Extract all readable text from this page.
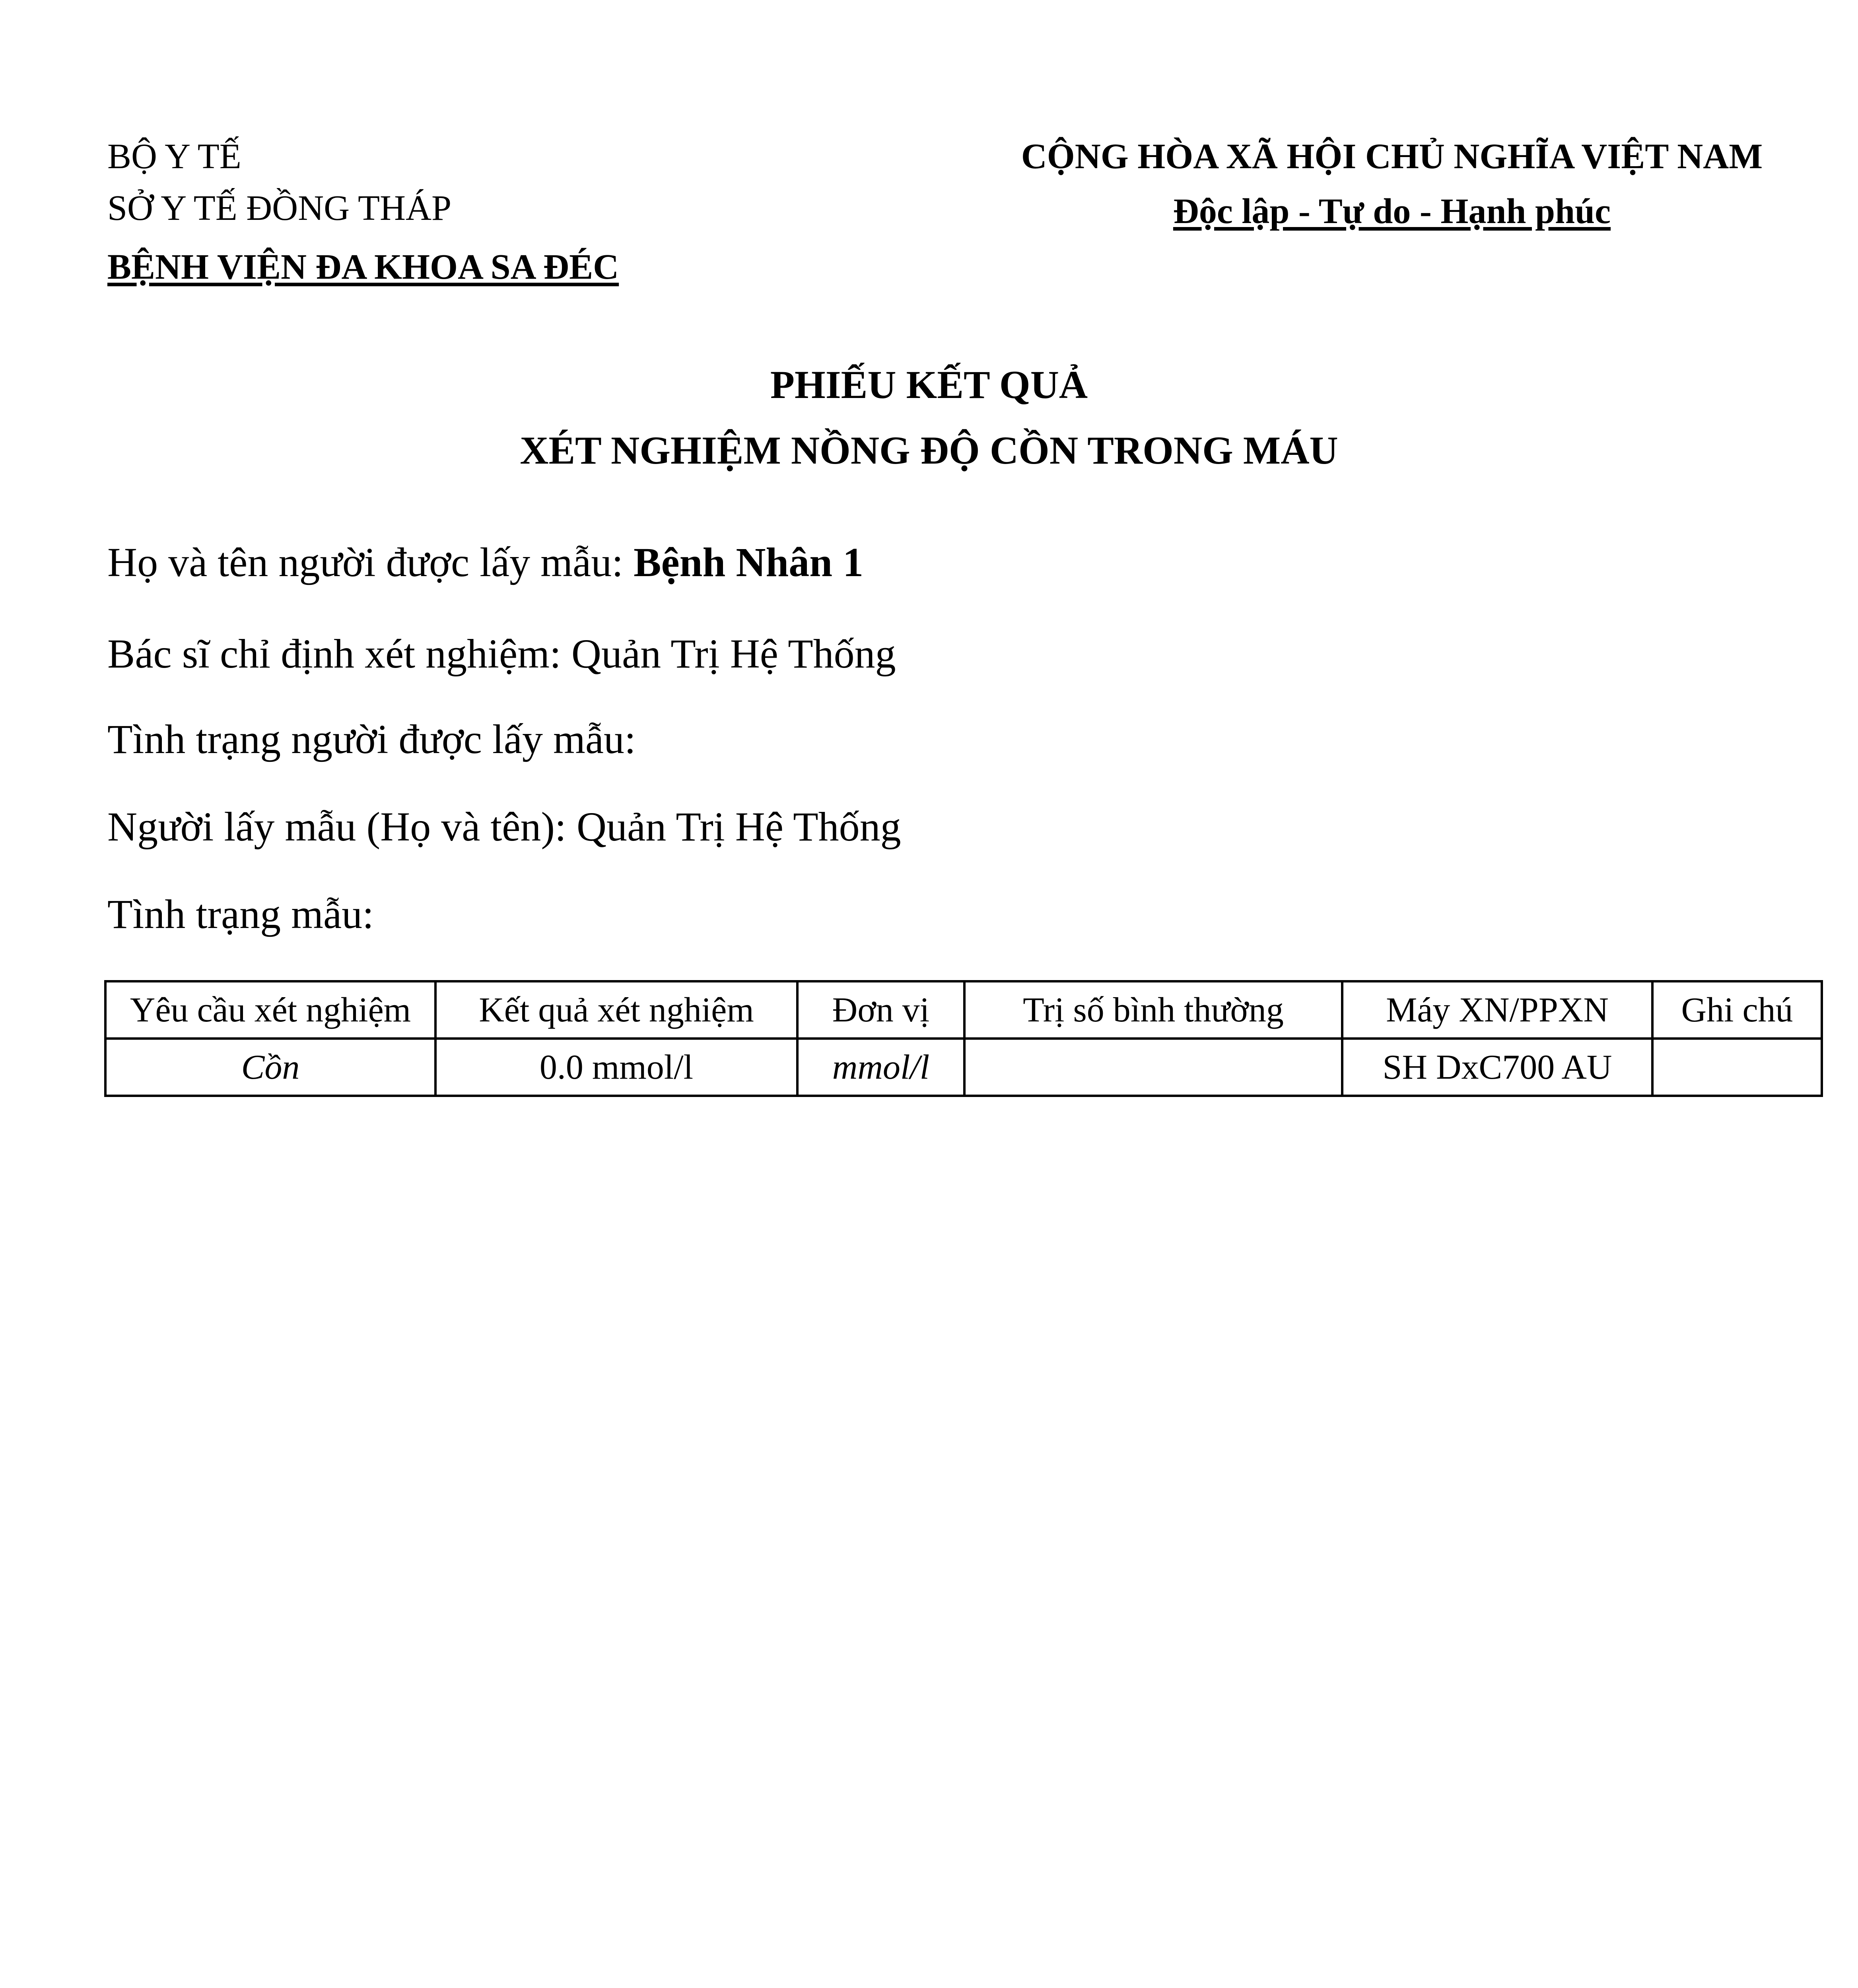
BỘ Y TẾ
SỞ Y TẾ ĐỒNG THÁP
BỆNH VIỆN ĐA KHOA SA ĐÉC
CỘNG HÒA XÃ HỘI CHỦ NGHĨA VIỆT NAM
Độc lập - Tự do - Hạnh phúc
PHIẾU KẾT QUẢ
XÉT NGHIỆM NỒNG ĐỘ CỒN TRONG MÁU
Họ và tên người được lấy mẫu: Bệnh Nhân 1
Bác sĩ chỉ định xét nghiệm: Quản Trị Hệ Thống
Tình trạng người được lấy mẫu:
Người lấy mẫu (Họ và tên): Quản Trị Hệ Thống
Tình trạng mẫu:
Yêu cầu xét nghiệm	Kết quả xét nghiệm	Đơn vị	Trị số bình thường	Máy XN/PPXN	Ghi chú
Cồn	0.0 mmol/l	mmol/l		SH DxC700 AU	
